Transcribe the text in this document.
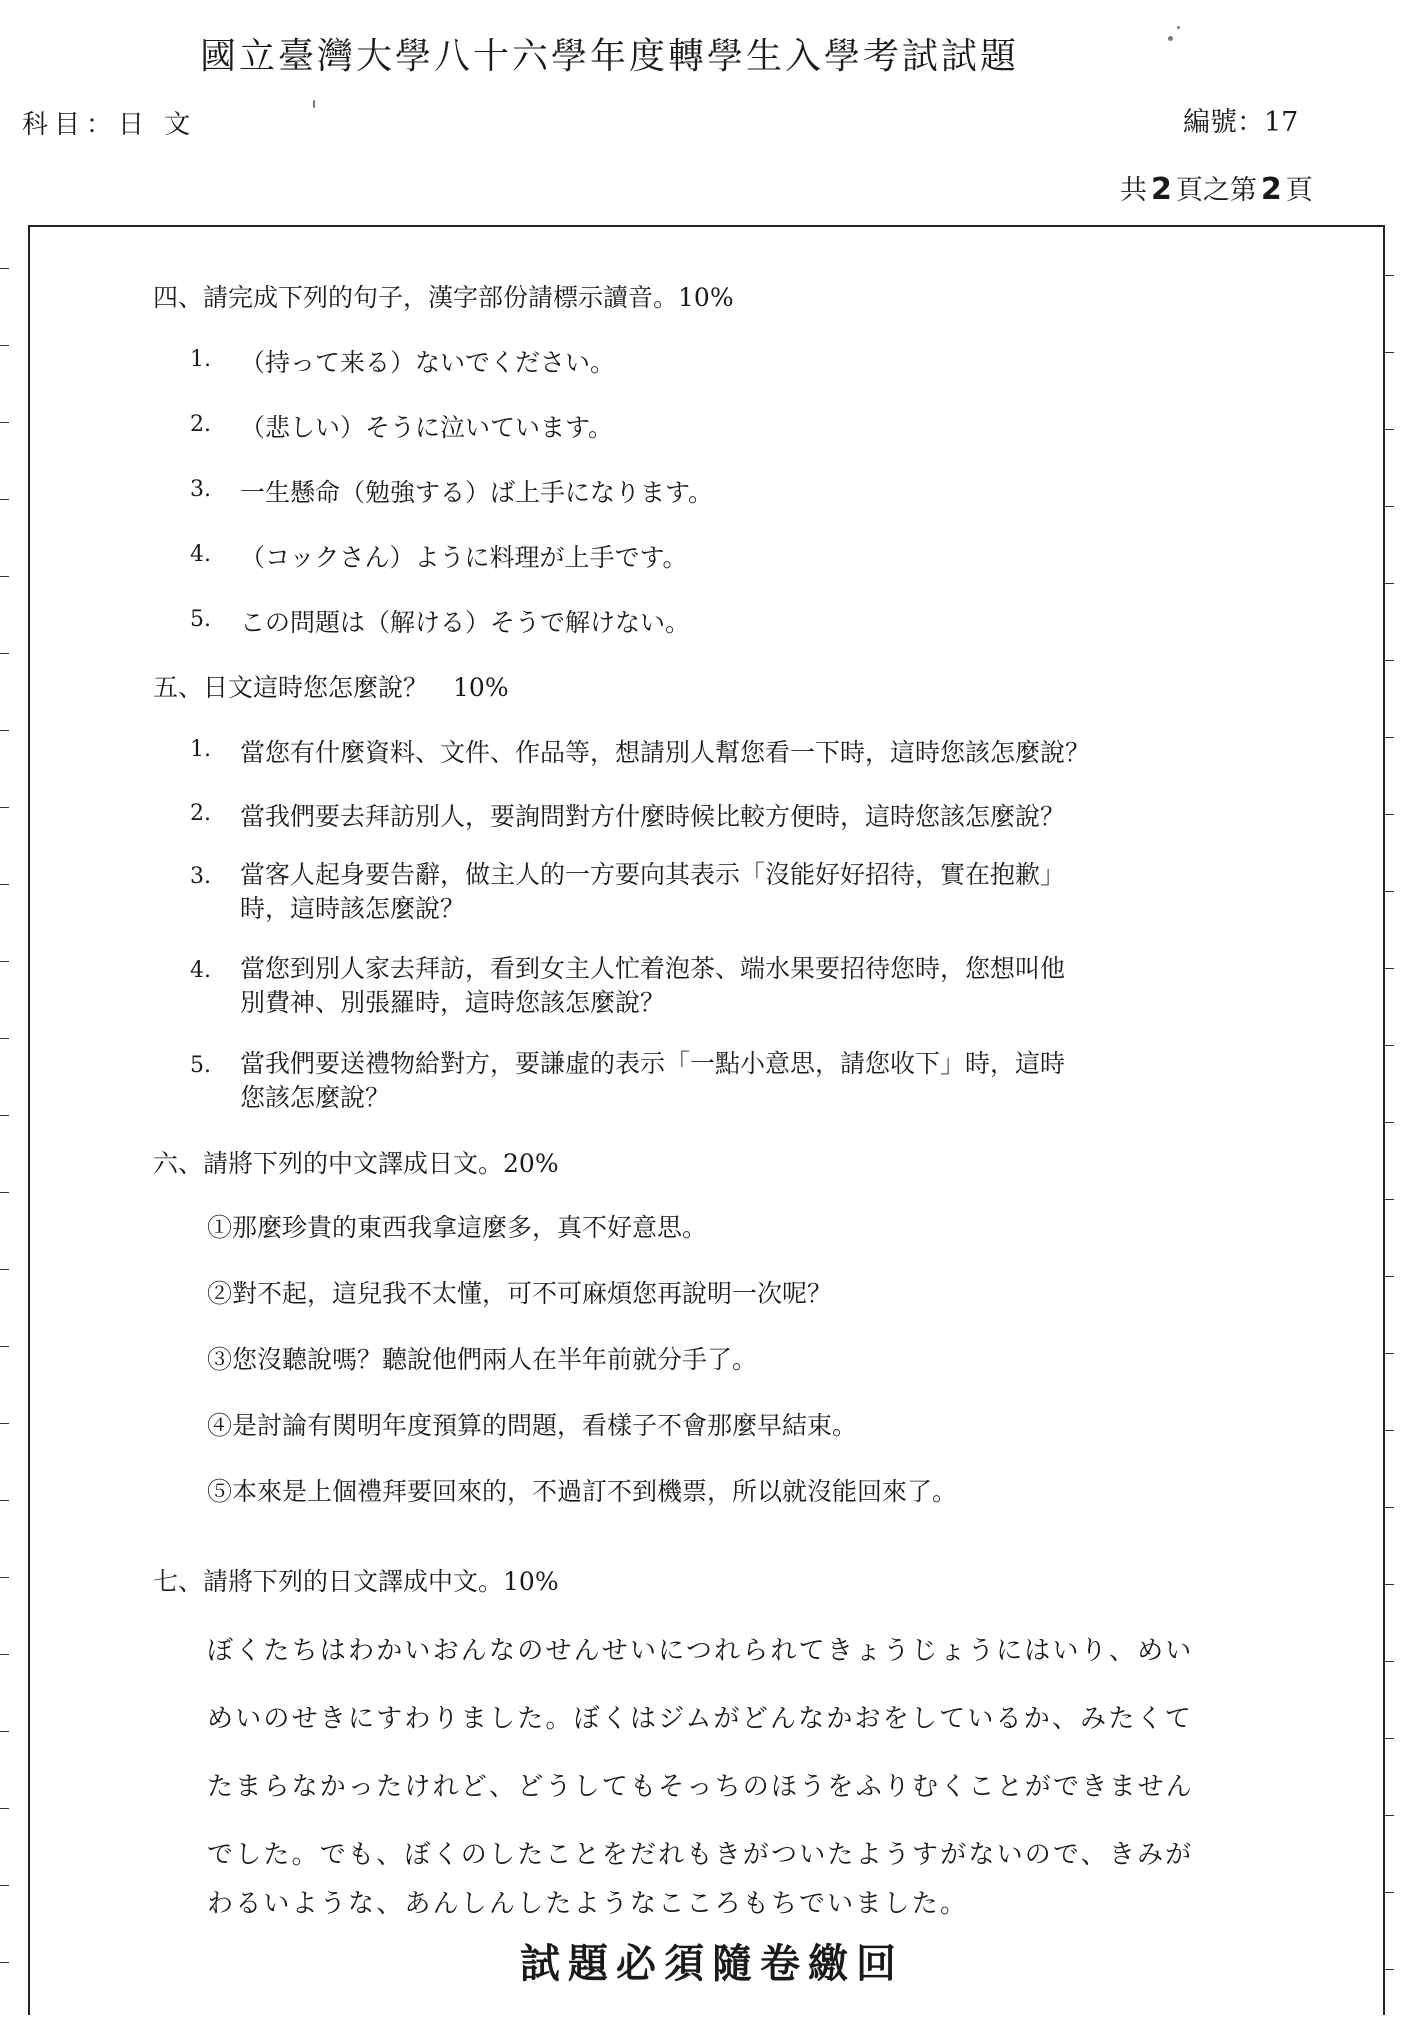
國立臺灣大學八十六學年度轉學生入學考試試題
科目：日 文	編號：17
共 2 頁之第 2 頁
四、請完成下列的句子，漢字部份請標示讀音。10%
1. （持って来る）ないでください。
2. （悲しい）そうに泣いています。
3. 一生懸命（勉強する）ば上手になります。
4. （コックさん）ように料理が上手です。
5. この問題は（解ける）そうで解けない。
五、日文這時您怎麼說？　10%
1. 當您有什麼資料、文件、作品等，想請別人幫您看一下時，這時您該怎麼說？
2. 當我們要去拜訪別人，要詢問對方什麼時候比較方便時，這時您該怎麼說？
3. 當客人起身要告辭，做主人的一方要向其表示「沒能好好招待，實在抱歉」
時，這時該怎麼說？
4. 當您到別人家去拜訪，看到女主人忙着泡茶、端水果要招待您時，您想叫他
別費神、別張羅時，這時您該怎麼說？
5. 當我們要送禮物給對方，要謙虛的表示「一點小意思，請您收下」時，這時
您該怎麼說？
六、請將下列的中文譯成日文。20%
①那麼珍貴的東西我拿這麼多，真不好意思。
②對不起，這兒我不太懂，可不可麻煩您再說明一次呢？
③您沒聽說嗎？聽說他們兩人在半年前就分手了。
④是討論有関明年度預算的問題，看樣子不會那麼早結束。
⑤本來是上個禮拜要回來的，不過訂不到機票，所以就沒能回來了。
七、請將下列的日文譯成中文。10%
ぼくたちはわかいおんなのせんせいにつれられてきょうじょうにはいり、めい
めいのせきにすわりました。ぼくはジムがどんなかおをしているか、みたくて
たまらなかったけれど、どうしてもそっちのほうをふりむくことができません
でした。でも、ぼくのしたことをだれもきがついたようすがないので、きみが
わるいような、あんしんしたようなこころもちでいました。
試題必須隨卷繳回
